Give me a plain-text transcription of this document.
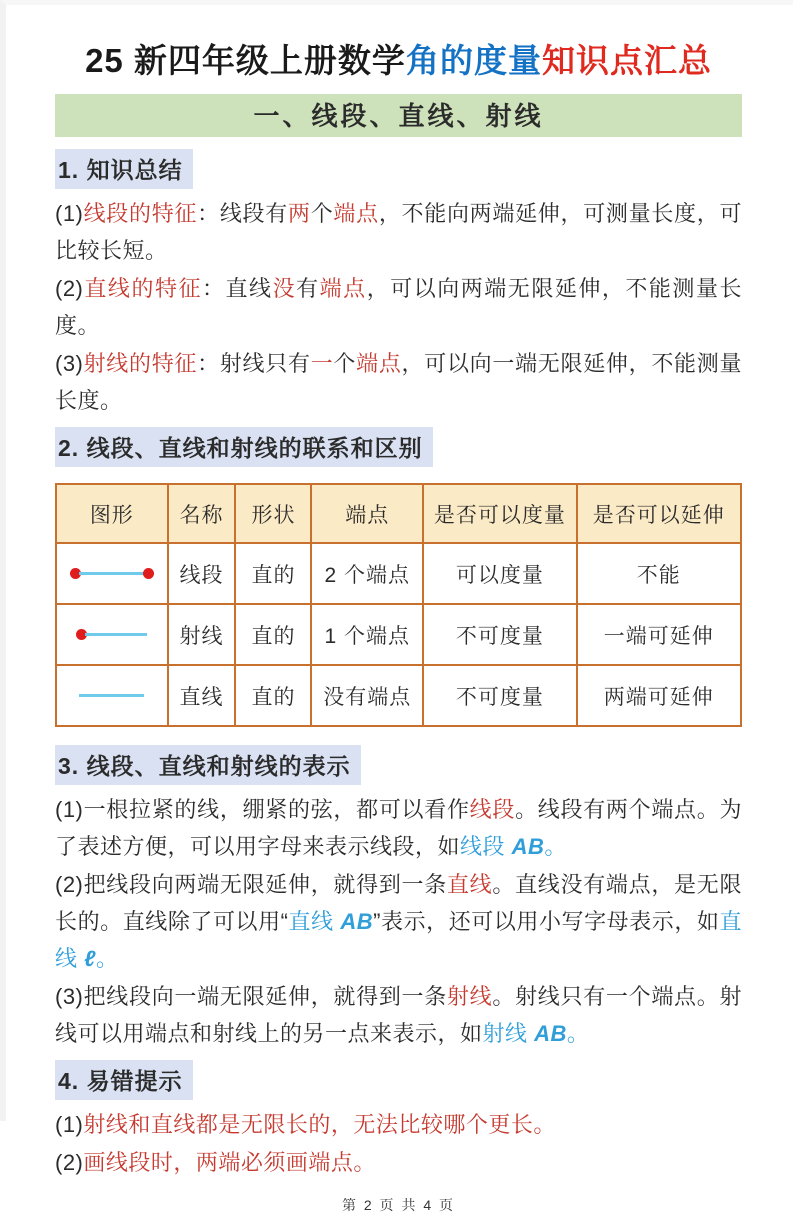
25 新四年级上册数学角的度量知识点汇总
一、线段、直线、射线
1. 知识总结

(1)线段的特征：线段有两个端点，不能向两端延伸，可测量长度，可比较长短。

(2)直线的特征：直线没有端点，可以向两端无限延伸，不能测量长度。

(3)射线的特征：射线只有一个端点，可以向一端无限延伸，不能测量长度。

2. 线段、直线和射线的联系和区别
图形	名称	形状	端点	是否可以度量	是否可以延伸

	线段	直的	2 个端点	可以度量	不能

	射线	直的	1 个端点	不可度量	一端可延伸

	直线	直的	没有端点	不可度量	两端可延伸
3. 线段、直线和射线的表示

(1)一根拉紧的线，绷紧的弦，都可以看作线段。线段有两个端点。为了表述方便，可以用字母来表示线段，如线段 AB。

(2)把线段向两端无限延伸，就得到一条直线。直线没有端点，是无限长的。直线除了可以用“直线 AB”表示，还可以用小写字母表示，如直线 ℓ。

(3)把线段向一端无限延伸，就得到一条射线。射线只有一个端点。射线可以用端点和射线上的另一点来表示，如射线 AB。

4. 易错提示

(1)射线和直线都是无限长的，无法比较哪个更长。

(2)画线段时，两端必须画端点。

第 2 页 共 4 页
